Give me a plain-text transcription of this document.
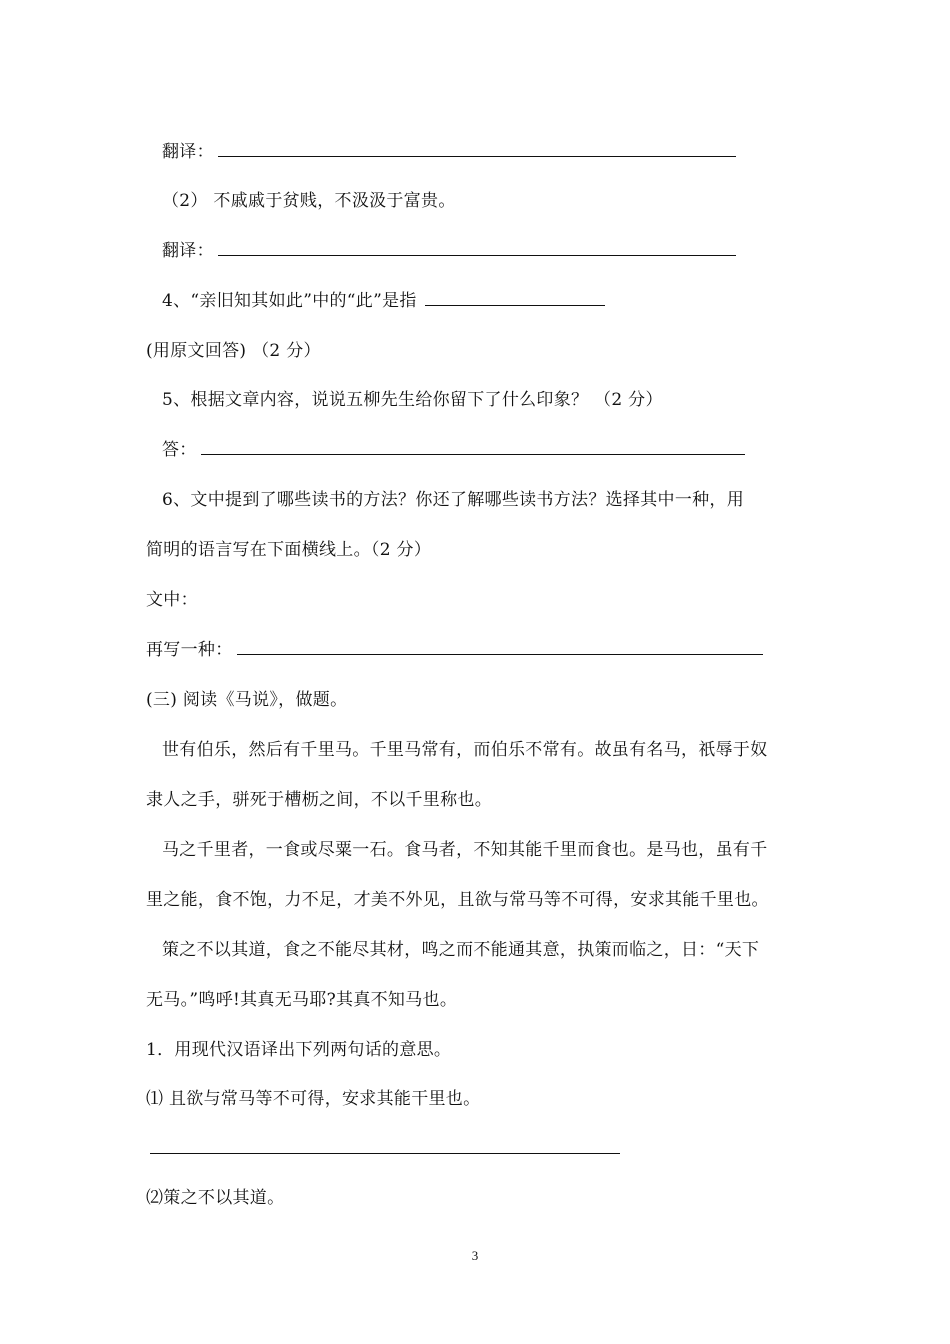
翻译：
（2） 不戚戚于贫贱，不汲汲于富贵。
翻译：
4、“亲旧知其如此”中的“此”是指
(用原文回答) （2 分）
5、根据文章内容，说说五柳先生给你留下了什么印象？ （2 分）
答：
6、文中提到了哪些读书的方法？你还了解哪些读书方法？选择其中一种，用
简明的语言写在下面横线上。（2 分）
文中：
再写一种：
(三) 阅读《马说》，做题。
世有伯乐，然后有千里马。千里马常有，而伯乐不常有。故虽有名马，祇辱于奴
隶人之手，骈死于槽枥之间，不以千里称也。
马之千里者，一食或尽粟一石。食马者，不知其能千里而食也。是马也，虽有千
里之能，食不饱，力不足，才美不外见，且欲与常马等不可得，安求其能千里也。
策之不以其道，食之不能尽其材，鸣之而不能通其意，执策而临之，日：“天下
无马。”鸣呼!其真无马耶?其真不知马也。
1．用现代汉语译出下列两句话的意思。
⑴ 且欲与常马等不可得，安求其能干里也。
⑵策之不以其道。
3
